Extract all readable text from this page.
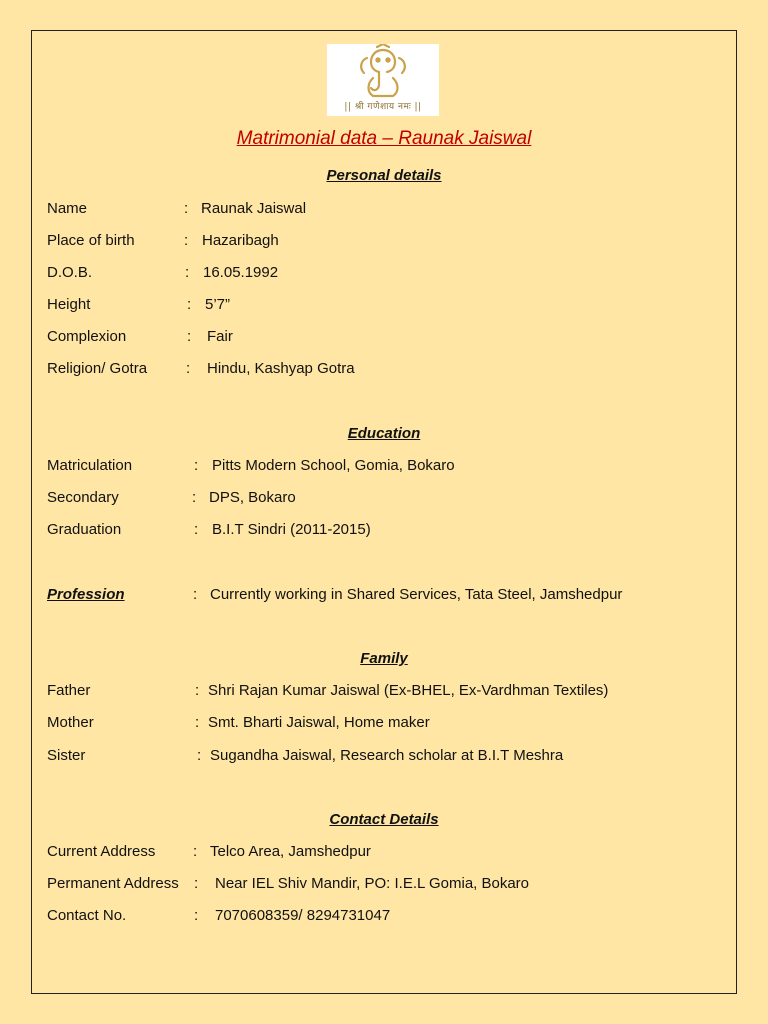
|| श्री गणेशाय नमः ||
Matrimonial data – Raunak Jaiswal
Personal details
Name	: Raunak Jaiswal
Place of birth	: Hazaribagh
D.O.B.	: 16.05.1992
Height	: 5’7”
Complexion	: Fair
Religion/ Gotra	: Hindu, Kashyap Gotra
Education
Matriculation	: Pitts Modern School, Gomia, Bokaro
Secondary	: DPS, Bokaro
Graduation	: B.I.T Sindri (2011-2015)
Profession	: Currently working in Shared Services, Tata Steel, Jamshedpur
Family
Father	: Shri Rajan Kumar Jaiswal (Ex-BHEL, Ex-Vardhman Textiles)
Mother	: Smt. Bharti Jaiswal, Home maker
Sister	: Sugandha Jaiswal, Research scholar at B.I.T Meshra
Contact Details
Current Address	: Telco Area, Jamshedpur
Permanent Address : Near IEL Shiv Mandir, PO: I.E.L Gomia, Bokaro
Contact No.	: 7070608359/ 8294731047
